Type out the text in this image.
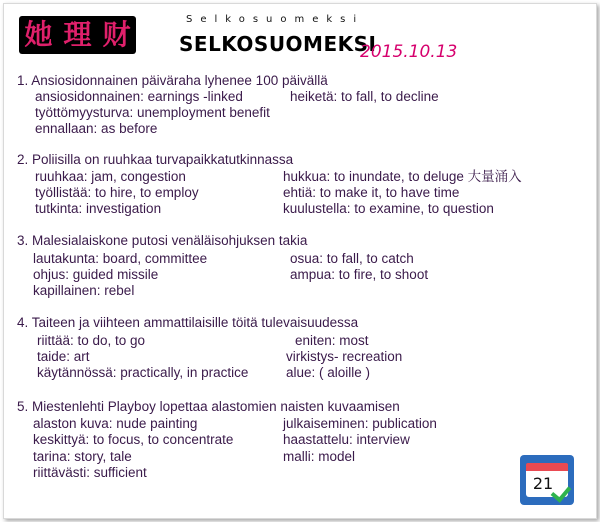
她 理 财	Selkosuomeksi
SELKOSUOMEKSI
2015.10.13
21
1. Ansiosidonnainen päiväraha lyhenee 100 päivällä
ansiosidonnainen: earnings -linked	heiketä: to fall, to decline
työttömyysturva: unemployment benefit
ennallaan: as before
2. Poliisilla on ruuhkaa turvapaikkatutkinnassa
ruuhkaa: jam, congestion	hukkua: to inundate, to deluge 大量涌入
työllistää: to hire, to employ	ehtiä: to make it, to have time
tutkinta: investigation	kuulustella: to examine, to question
3. Malesialaiskone putosi venäläisohjuksen takia
lautakunta: board, committee	osua: to fall, to catch
ohjus: guided missile	ampua: to fire, to shoot
kapillainen: rebel
4. Taiteen ja viihteen ammattilaisille töitä tulevaisuudessa
riittää: to do, to go	eniten: most
taide: art	virkistys- recreation
käytännössä: practically, in practice	alue: ( aloille )
5. Miestenlehti Playboy lopettaa alastomien naisten kuvaamisen
alaston kuva: nude painting	julkaiseminen: publication
keskittyä: to focus, to concentrate	haastattelu: interview
tarina: story, tale	malli: model
riittävästi: sufficient
